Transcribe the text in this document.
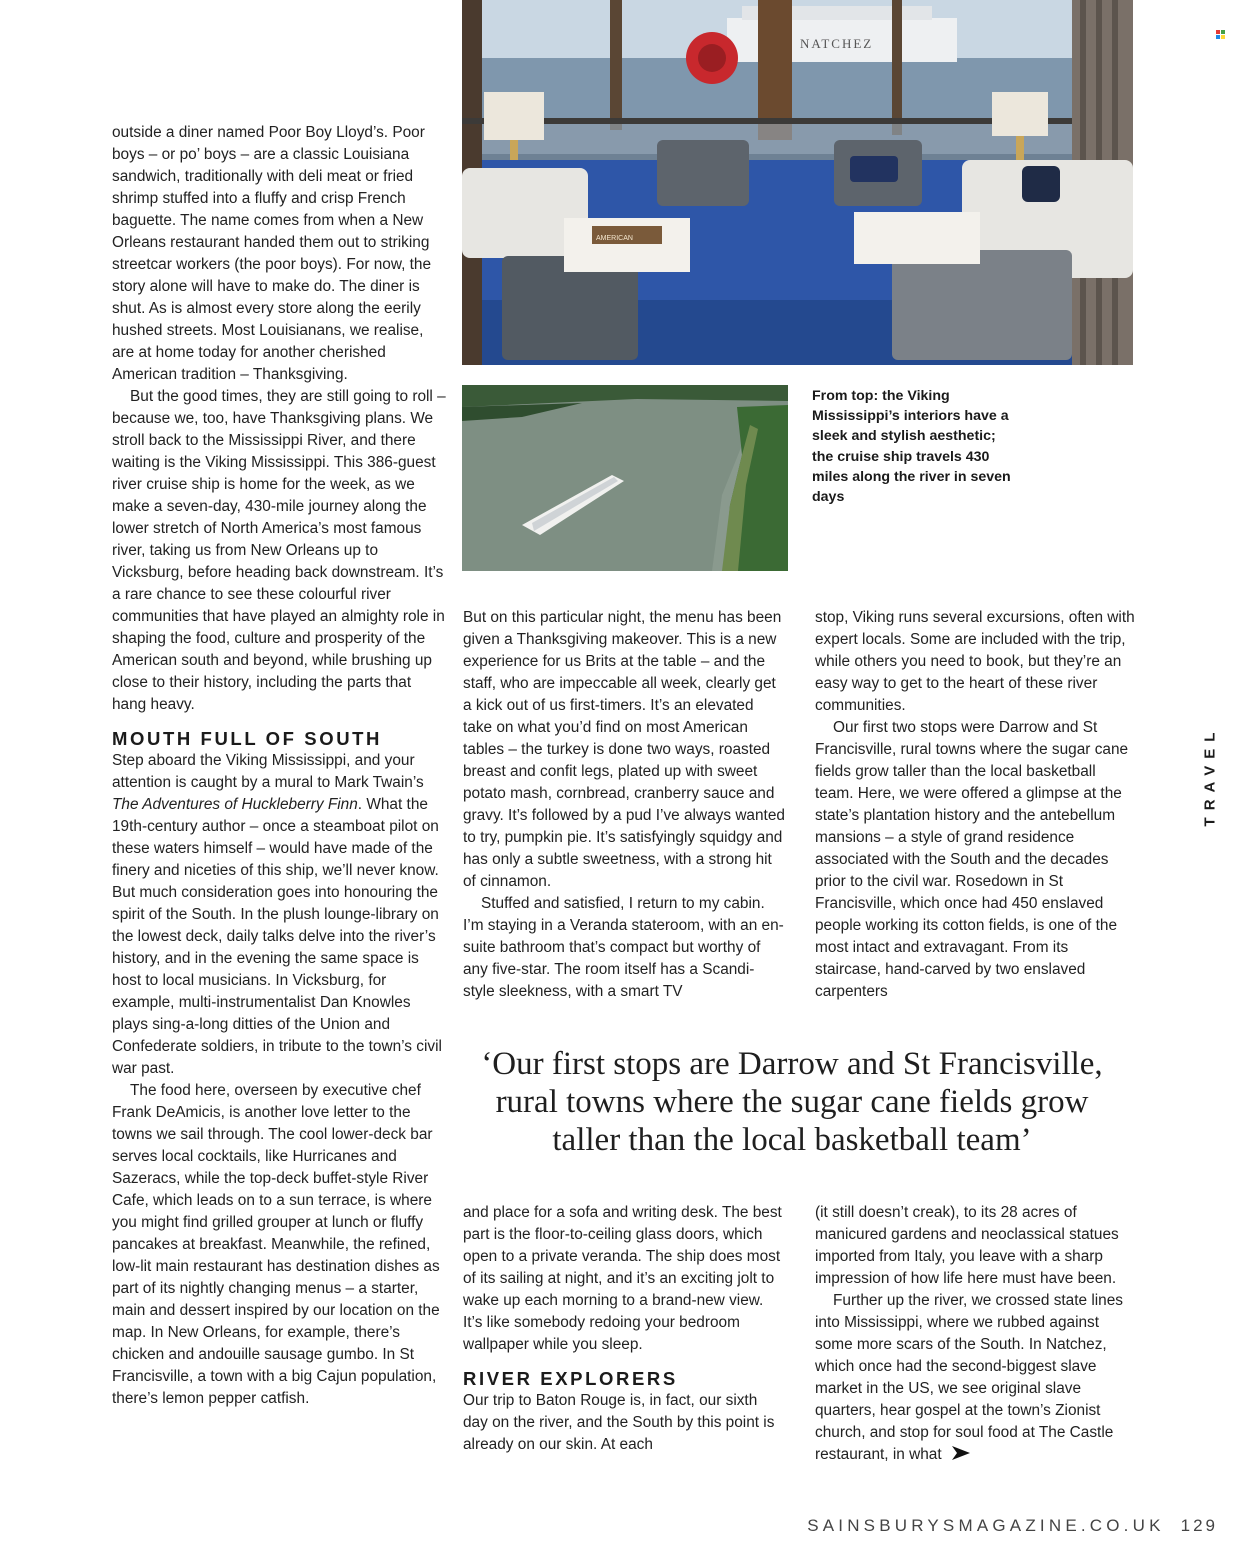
NATCHEZ
AMERICAN
From top: the Viking Mississippi’s interiors have a sleek and stylish aesthetic; the cruise ship travels 430 miles along the river in seven days

outside a diner named Poor Boy Lloyd’s. Poor boys – or po’ boys – are a classic Louisiana sandwich, traditionally with deli meat or fried shrimp stuffed into a fluffy and crisp French baguette. The name comes from when a New Orleans restaurant handed them out to striking streetcar workers (the poor boys). For now, the story alone will have to make do. The diner is shut. As is almost every store along the eerily hushed streets. Most Louisianans, we realise, are at home today for another cherished American tradition – Thanksgiving.

But the good times, they are still going to roll – because we, too, have Thanksgiving plans. We stroll back to the Mississippi River, and there waiting is the Viking Mississippi. This 386-guest river cruise ship is home for the week, as we make a seven-day, 430-mile journey along the lower stretch of North America’s most famous river, taking us from New Orleans up to Vicksburg, before heading back downstream. It’s a rare chance to see these colourful river communities that have played an almighty role in shaping the food, culture and prosperity of the American south and beyond, while brushing up close to their history, including the parts that hang heavy.

MOUTH FULL OF SOUTH

Step aboard the Viking Mississippi, and your attention is caught by a mural to Mark Twain’s The Adventures of Huckleberry Finn. What the 19th-century author – once a steamboat pilot on these waters himself – would have made of the finery and niceties of this ship, we’ll never know. But much consideration goes into honouring the spirit of the South. In the plush lounge-library on the lowest deck, daily talks delve into the river’s history, and in the evening the same space is host to local musicians. In Vicksburg, for example, multi-instrumentalist Dan Knowles plays sing-a-long ditties of the Union and Confederate soldiers, in tribute to the town’s civil war past.

The food here, overseen by executive chef Frank DeAmicis, is another love letter to the towns we sail through. The cool lower-deck bar serves local cocktails, like Hurricanes and Sazeracs, while the top-deck buffet-style River Cafe, which leads on to a sun terrace, is where you might find grilled grouper at lunch or fluffy pancakes at breakfast. Meanwhile, the refined, low-lit main restaurant has destination dishes as part of its nightly changing menus – a starter, main and dessert inspired by our location on the map. In New Orleans, for example, there’s chicken and andouille sausage gumbo. In St Francisville, a town with a big Cajun population, there’s lemon pepper catfish.

But on this particular night, the menu has been given a Thanksgiving makeover. This is a new experience for us Brits at the table – and the staff, who are impeccable all week, clearly get a kick out of us first-timers. It’s an elevated take on what you’d find on most American tables – the turkey is done two ways, roasted breast and confit legs, plated up with sweet potato mash, cornbread, cranberry sauce and gravy. It’s followed by a pud I’ve always wanted to try, pumpkin pie. It’s satisfyingly squidgy and has only a subtle sweetness, with a strong hit of cinnamon.

Stuffed and satisfied, I return to my cabin. I’m staying in a Veranda stateroom, with an en-suite bathroom that’s compact but worthy of any five-star. The room itself has a Scandi-style sleekness, with a smart TV

stop, Viking runs several excursions, often with expert locals. Some are included with the trip, while others you need to book, but they’re an easy way to get to the heart of these river communities.

Our first two stops were Darrow and St Francisville, rural towns where the sugar cane fields grow taller than the local basketball team. Here, we were offered a glimpse at the state’s plantation history and the antebellum mansions – a style of grand residence associated with the South and the decades prior to the civil war. Rosedown in St Francisville, which once had 450 enslaved people working its cotton fields, is one of the most intact and extravagant. From its staircase, hand-carved by two enslaved carpenters

‘Our first stops are Darrow and St Francisville, rural towns where the sugar cane fields grow taller than the local basketball team’

and place for a sofa and writing desk. The best part is the floor-to-ceiling glass doors, which open to a private veranda. The ship does most of its sailing at night, and it’s an exciting jolt to wake up each morning to a brand-new view. It’s like somebody redoing your bedroom wallpaper while you sleep.

RIVER EXPLORERS

Our trip to Baton Rouge is, in fact, our sixth day on the river, and the South by this point is already on our skin. At each

(it still doesn’t creak), to its 28 acres of manicured gardens and neoclassical statues imported from Italy, you leave with a sharp impression of how life here must have been.

Further up the river, we crossed state lines into Mississippi, where we rubbed against some more scars of the South. In Natchez, which once had the second-biggest slave market in the US, we see original slave quarters, hear gospel at the town’s Zionist church, and stop for soul food at The Castle restaurant, in what

TRAVEL
SAINSBURYSMAGAZINE.CO.UK 129
